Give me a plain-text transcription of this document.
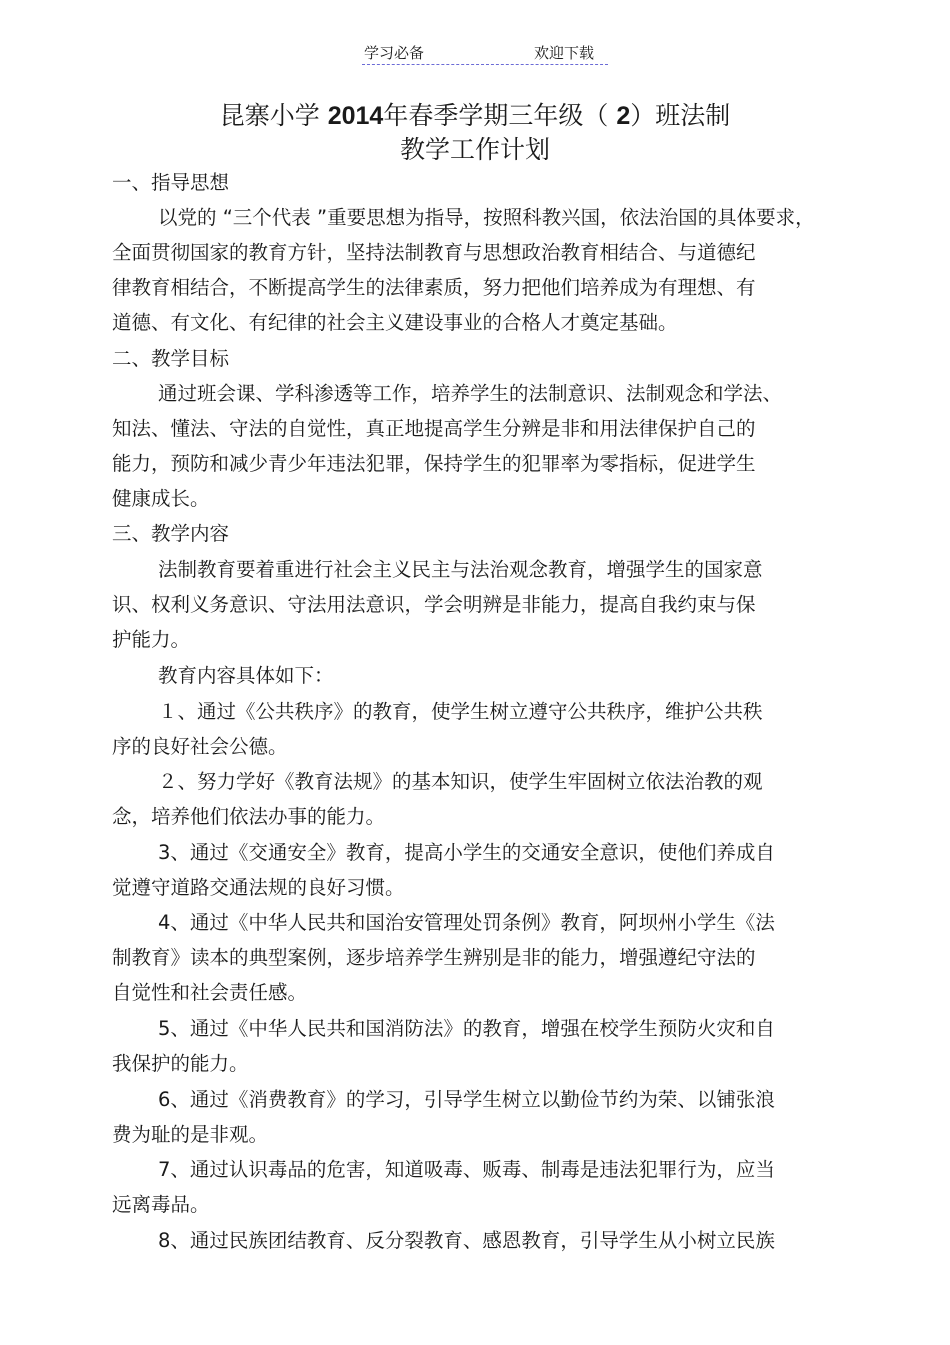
学习必备	欢迎下载
昆寨小学 2014年春季学期三年级（ 2）班法制
教学工作计划
一、指导思想
以党的 “三个代表 ”重要思想为指导，按照科教兴国，依法治国的具体要求，
全面贯彻国家的教育方针，坚持法制教育与思想政治教育相结合、与道德纪
律教育相结合，不断提高学生的法律素质，努力把他们培养成为有理想、有
道德、有文化、有纪律的社会主义建设事业的合格人才奠定基础。
二、教学目标
通过班会课、学科渗透等工作，培养学生的法制意识、法制观念和学法、
知法、懂法、守法的自觉性，真正地提高学生分辨是非和用法律保护自己的
能力，预防和减少青少年违法犯罪，保持学生的犯罪率为零指标，促进学生
健康成长。
三、教学内容
法制教育要着重进行社会主义民主与法治观念教育，增强学生的国家意
识、权利义务意识、守法用法意识，学会明辨是非能力，提高自我约束与保
护能力。
教育内容具体如下：
１、通过《公共秩序》的教育，使学生树立遵守公共秩序，维护公共秩
序的良好社会公德。
２、努力学好《教育法规》的基本知识，使学生牢固树立依法治教的观
念，培养他们依法办事的能力。
3、通过《交通安全》教育，提高小学生的交通安全意识，使他们养成自
觉遵守道路交通法规的良好习惯。
4、通过《中华人民共和国治安管理处罚条例》教育，阿坝州小学生《法
制教育》读本的典型案例，逐步培养学生辨别是非的能力，增强遵纪守法的
自觉性和社会责任感。
5、通过《中华人民共和国消防法》的教育，增强在校学生预防火灾和自
我保护的能力。
6、通过《消费教育》的学习，引导学生树立以勤俭节约为荣、以铺张浪
费为耻的是非观。
7、通过认识毒品的危害，知道吸毒、贩毒、制毒是违法犯罪行为，应当
远离毒品。
8、通过民族团结教育、反分裂教育、感恩教育，引导学生从小树立民族
